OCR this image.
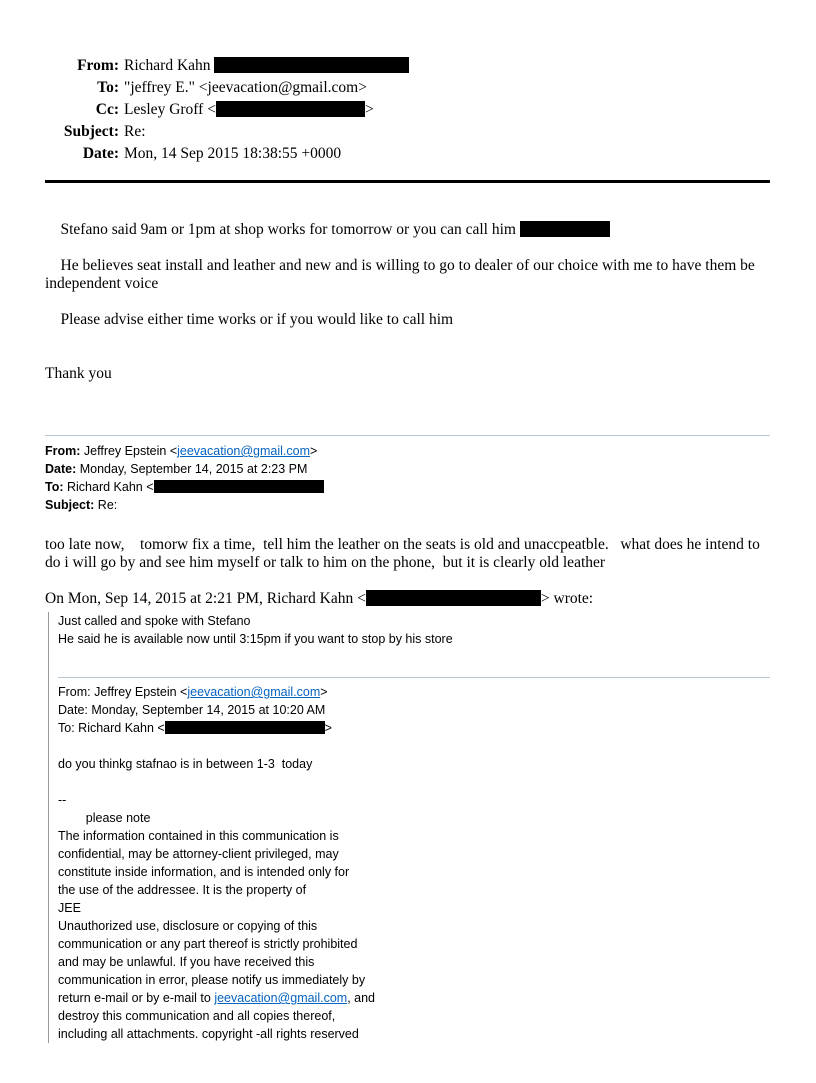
From: Richard Kahn
To: "jeffrey E." <jeevacation@gmail.com>
Cc: Lesley Groff <	>
Subject: Re:
Date: Mon, 14 Sep 2015 18:38:55 +0000

Stefano said 9am or 1pm at shop works for tomorrow or you can call him

He believes seat install and leather and new and is willing to go to dealer of our choice with me to have them be independent voice

Please advise either time works or if you would like to call him

Thank you
From: Jeffrey Epstein <jeevacation@gmail.com>
Date: Monday, September 14, 2015 at 2:23 PM
To: Richard Kahn <
Subject: Re:
too late now,    tomorw fix a time,  tell him the leather on the seats is old and unaccpeatble.   what does he intend to do i will go by and see him myself or talk to him on the phone,  but it is clearly old leather
On Mon, Sep 14, 2015 at 2:21 PM, Richard Kahn <	> wrote:
Just called and spoke with Stefano
He said he is available now until 3:15pm if you want to stop by his store
From: Jeffrey Epstein <jeevacation@gmail.com>
Date: Monday, September 14, 2015 at 10:20 AM
To: Richard Kahn <	>
do you thinkg stafnao is in between 1-3  today
--
please note
The information contained in this communication is
confidential, may be attorney-client privileged, may
constitute inside information, and is intended only for
the use of the addressee. It is the property of
JEE
Unauthorized use, disclosure or copying of this
communication or any part thereof is strictly prohibited
and may be unlawful. If you have received this
communication in error, please notify us immediately by
return e-mail or by e-mail to jeevacation@gmail.com, and
destroy this communication and all copies thereof,
including all attachments. copyright -all rights reserved
